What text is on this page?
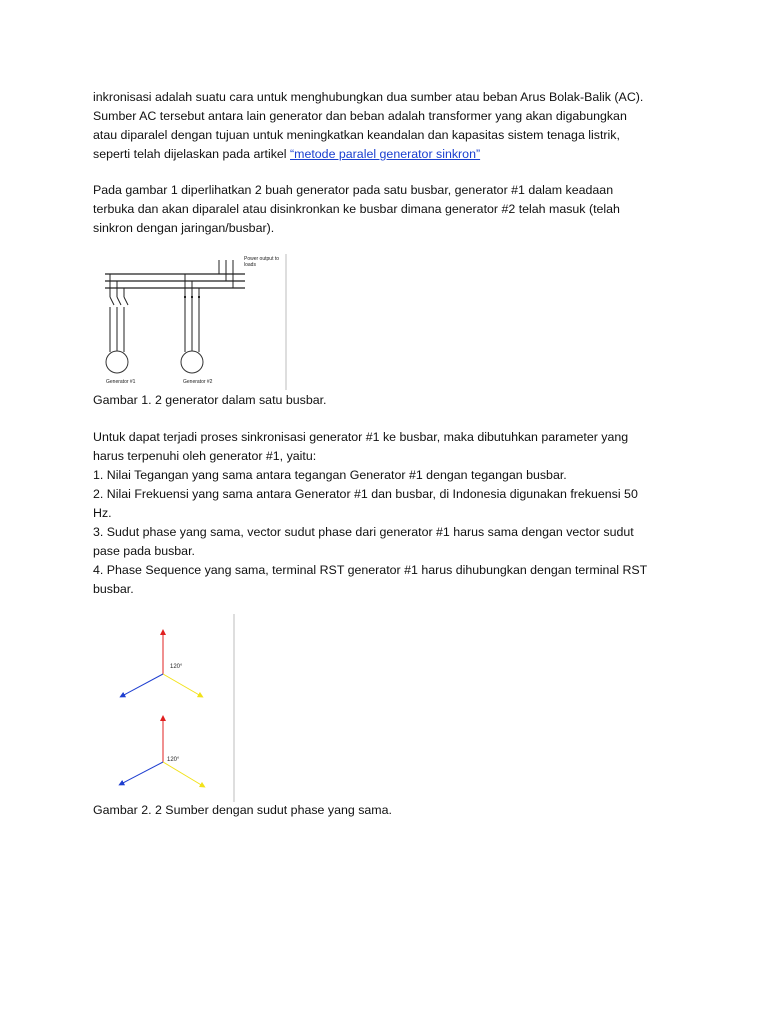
inkronisasi adalah suatu cara untuk menghubungkan dua sumber atau beban Arus Bolak-Balik (AC).
Sumber AC tersebut antara lain generator dan beban adalah transformer yang akan digabungkan
atau diparalel dengan tujuan untuk meningkatkan keandalan dan kapasitas sistem tenaga listrik,
seperti telah dijelaskan pada artikel “metode paralel generator sinkron”

Pada gambar 1 diperlihatkan 2 buah generator pada satu busbar, generator #1 dalam keadaan
terbuka dan akan diparalel atau disinkronkan ke busbar dimana generator #2 telah masuk (telah
sinkron dengan jaringan/busbar).

Power output to
loads
Generator #1	Generator #2

Gambar 1. 2 generator dalam satu busbar.

Untuk dapat terjadi proses sinkronisasi generator #1 ke busbar, maka dibutuhkan parameter yang
harus terpenuhi oleh generator #1, yaitu:
1. Nilai Tegangan yang sama antara tegangan Generator #1 dengan tegangan busbar.
2. Nilai Frekuensi yang sama antara Generator #1 dan busbar, di Indonesia digunakan frekuensi 50
Hz.
3. Sudut phase yang sama, vector sudut phase dari generator #1 harus sama dengan vector sudut
pase pada busbar.
4. Phase Sequence yang sama, terminal RST generator #1 harus dihubungkan dengan terminal RST
busbar.

120°
120°

Gambar 2. 2 Sumber dengan sudut phase yang sama.
